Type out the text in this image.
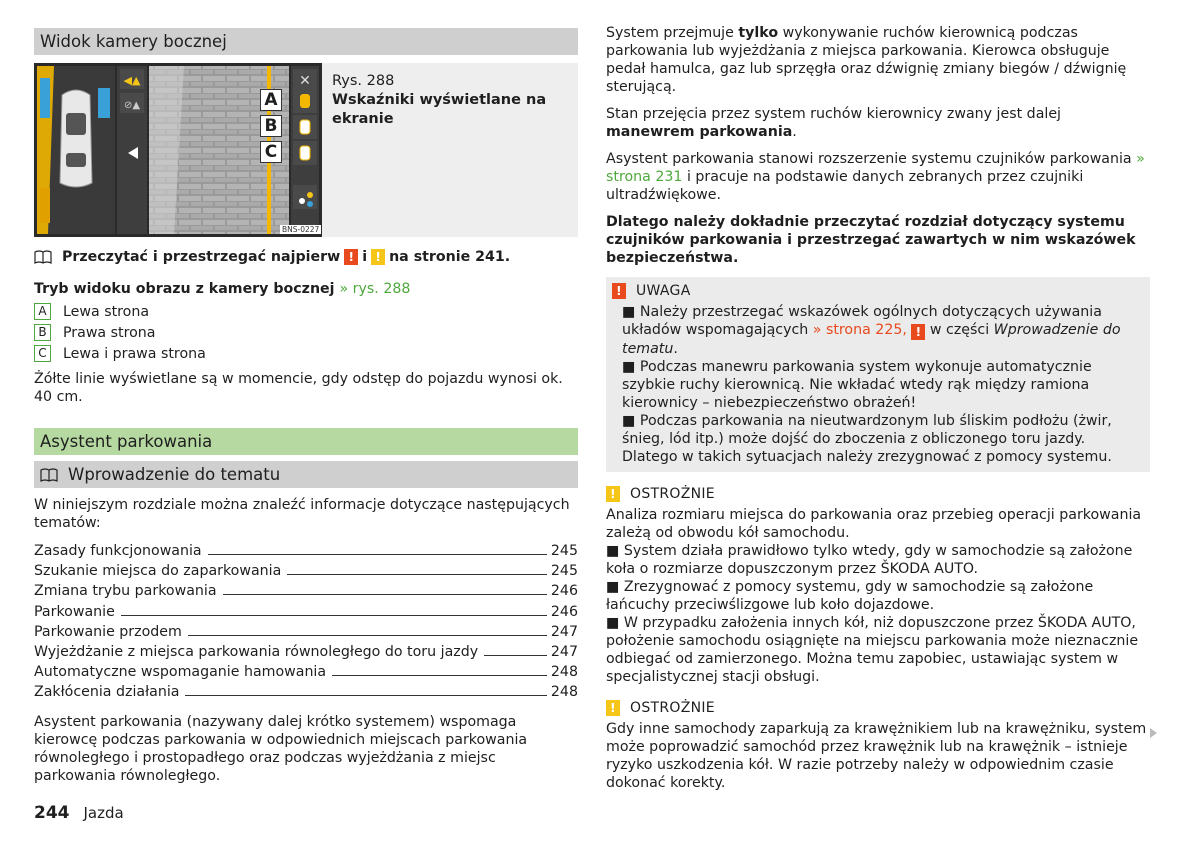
Widok kamery bocznej
◀▲
⊘▲
✕
A
B
C
BNS-0227
Rys. 288
Wskaźniki wyświetlane na ekranie
Przeczytać i przestrzegać najpierw ! i ! na stronie 241.
Tryb widoku obrazu z kamery bocznej » rys. 288
A	Lewa strona
B	Prawa strona
C	Lewa i prawa strona

Żółte linie wyświetlane są w momencie, gdy odstęp do pojazdu wynosi ok. 40 cm.

Asystent parkowania
Wprowadzenie do tematu

W niniejszym rozdziale można znaleźć informacje dotyczące następujących tematów:

Zasady funkcjonowania	245
Szukanie miejsca do zaparkowania	245
Zmiana trybu parkowania	246
Parkowanie	246
Parkowanie przodem	247
Wyjeżdżanie z miejsca parkowania równoległego do toru jazdy	247
Automatyczne wspomaganie hamowania	248
Zakłócenia działania	248

Asystent parkowania (nazywany dalej krótko systemem) wspomaga kierowcę podczas parkowania w odpowiednich miejscach parkowania równoległego i prostopadłego oraz podczas wyjeżdżania z miejsc parkowania równoległego.

System przejmuje tylko wykonywanie ruchów kierownicą podczas parkowania lub wyjeżdżania z miejsca parkowania. Kierowca obsługuje pedał hamulca, gaz lub sprzęgła oraz dźwignię zmiany biegów / dźwignię sterującą.

Stan przejęcia przez system ruchów kierownicy zwany jest dalej manewrem parkowania.

Asystent parkowania stanowi rozszerzenie systemu czujników parkowania » strona 231 i pracuje na podstawie danych zebranych przez czujniki ultradźwiękowe.

Dlatego należy dokładnie przeczytać rozdział dotyczący systemu czujników parkowania i przestrzegać zawartych w nim wskazówek bezpieczeństwa.

! UWAGA

■ Należy przestrzegać wskazówek ogólnych dotyczących używania układów wspomagających » strona 225, ! w części Wprowadzenie do tematu.

■ Podczas manewru parkowania system wykonuje automatycznie szybkie ruchy kierownicą. Nie wkładać wtedy rąk między ramiona kierownicy – niebezpieczeństwo obrażeń!

■ Podczas parkowania na nieutwardzonym lub śliskim podłożu (żwir, śnieg, lód itp.) może dojść do zboczenia z obliczonego toru jazdy. Dlatego w takich sytuacjach należy zrezygnować z pomocy systemu.

! OSTROŻNIE

Analiza rozmiaru miejsca do parkowania oraz przebieg operacji parkowania zależą od obwodu kół samochodu.

■ System działa prawidłowo tylko wtedy, gdy w samochodzie są założone koła o rozmiarze dopuszczonym przez ŠKODA AUTO.

■ Zrezygnować z pomocy systemu, gdy w samochodzie są założone łańcuchy przeciwślizgowe lub koło dojazdowe.

■ W przypadku założenia innych kół, niż dopuszczone przez ŠKODA AUTO, położenie samochodu osiągnięte na miejscu parkowania może nieznacznie odbiegać od zamierzonego. Można temu zapobiec, ustawiając system w specjalistycznej stacji obsługi.

! OSTROŻNIE

Gdy inne samochody zaparkują za krawężnikiem lub na krawężniku, system może poprowadzić samochód przez krawężnik lub na krawężnik – istnieje ryzyko uszkodzenia kół. W razie potrzeby należy w odpowiednim czasie dokonać korekty.

244 Jazda
